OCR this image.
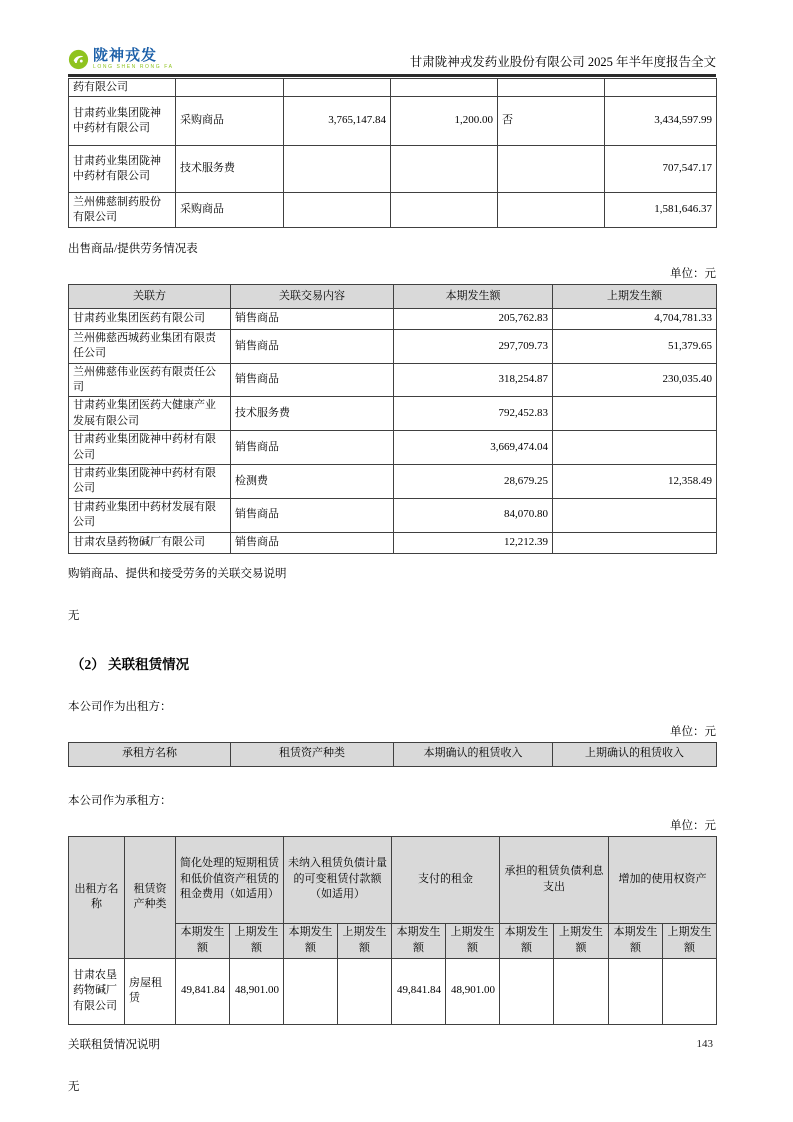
陇神戎发
LONG SHEN RONG FA	甘肃陇神戎发药业股份有限公司 2025 年半年度报告全文
药有限公司					
甘肃药业集团陇神中药材有限公司	采购商品	3,765,147.84	1,200.00	否	3,434,597.99
甘肃药业集团陇神中药材有限公司	技术服务费				707,547.17
兰州佛慈制药股份有限公司	采购商品				1,581,646.37

出售商品/提供劳务情况表

单位：元

关联方	关联交易内容	本期发生额	上期发生额
甘肃药业集团医药有限公司	销售商品	205,762.83	4,704,781.33
兰州佛慈西城药业集团有限责任公司	销售商品	297,709.73	51,379.65
兰州佛慈伟业医药有限责任公司	销售商品	318,254.87	230,035.40
甘肃药业集团医药大健康产业发展有限公司	技术服务费	792,452.83	
甘肃药业集团陇神中药材有限公司	销售商品	3,669,474.04	
甘肃药业集团陇神中药材有限公司	检测费	28,679.25	12,358.49
甘肃药业集团中药材发展有限公司	销售商品	84,070.80	
甘肃农垦药物碱厂有限公司	销售商品	12,212.39	

购销商品、提供和接受劳务的关联交易说明

无

（2） 关联租赁情况

本公司作为出租方：

单位：元

承租方名称	租赁资产种类	本期确认的租赁收入	上期确认的租赁收入

本公司作为承租方：

单位：元

出租方名称	租赁资产种类	简化处理的短期租赁和低价值资产租赁的租金费用（如适用）		未纳入租赁负债计量的可变租赁付款额（如适用）		支付的租金		承担的租赁负债利息支出		增加的使用权资产	
		本期发生额	上期发生额	本期发生额	上期发生额	本期发生额	上期发生额	本期发生额	上期发生额	本期发生额	上期发生额
甘肃农垦药物碱厂有限公司	房屋租赁	49,841.84	48,901.00			49,841.84	48,901.00				

关联租赁情况说明

无

143
